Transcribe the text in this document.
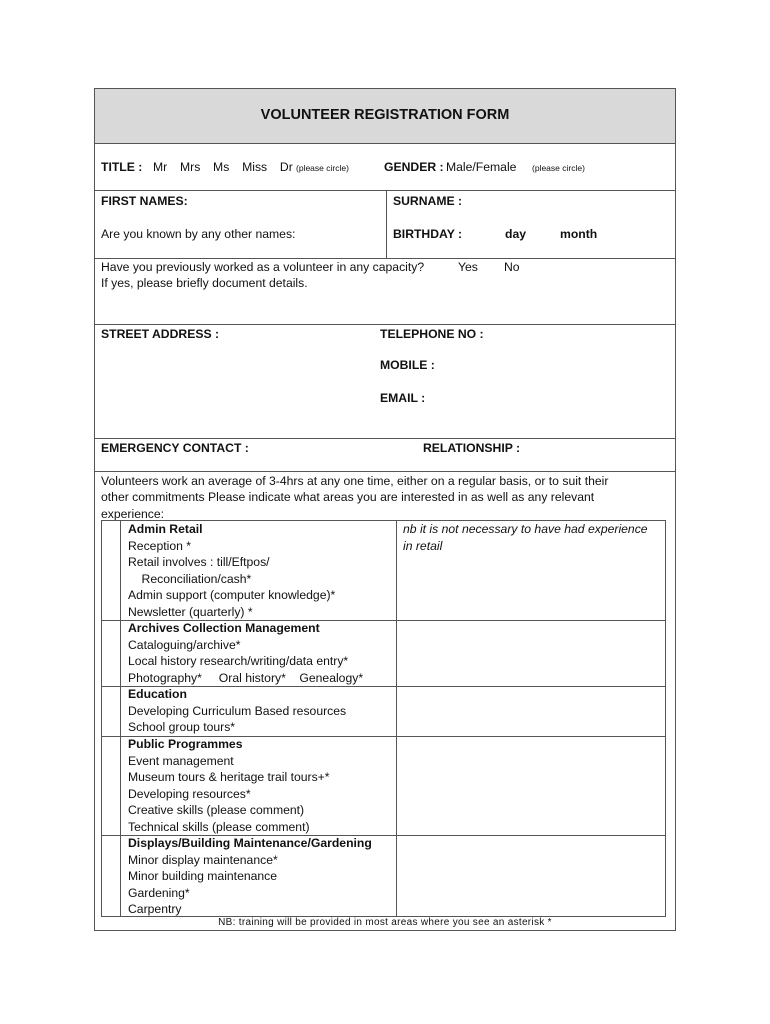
VOLUNTEER REGISTRATION FORM
TITLE : Mr  Mrs  Ms  Miss  Dr (please circle)	GENDER : Male/Female (please circle)
FIRST NAMES:	SURNAME :
Are you known by any other names:	BIRTHDAY :	day	month
Have you previously worked as a volunteer in any capacity?	Yes No
If yes, please briefly document details.
STREET ADDRESS :	TELEPHONE NO :
MOBILE :
EMAIL :
EMERGENCY CONTACT :	RELATIONSHIP :
Volunteers work an average of 3-4hrs at any one time, either on a regular basis, or to suit their
other commitments Please indicate what areas you are interested in as well as any relevant
experience:
Admin Retail
Reception *
Retail involves : till/Eftpos/
Reconciliation/cash*
Admin support (computer knowledge)*
Newsletter (quarterly) *
nb it is not necessary to have had experience
in retail
Archives Collection Management
Cataloguing/archive*
Local history research/writing/data entry*
Photography*     Oral history*    Genealogy*
Education
Developing Curriculum Based resources
School group tours*
Public Programmes
Event management
Museum tours & heritage trail tours+*
Developing resources*
Creative skills (please comment)
Technical skills (please comment)
Displays/Building Maintenance/Gardening
Minor display maintenance*
Minor building maintenance
Gardening*
Carpentry
NB: training will be provided in most areas where you see an asterisk *
